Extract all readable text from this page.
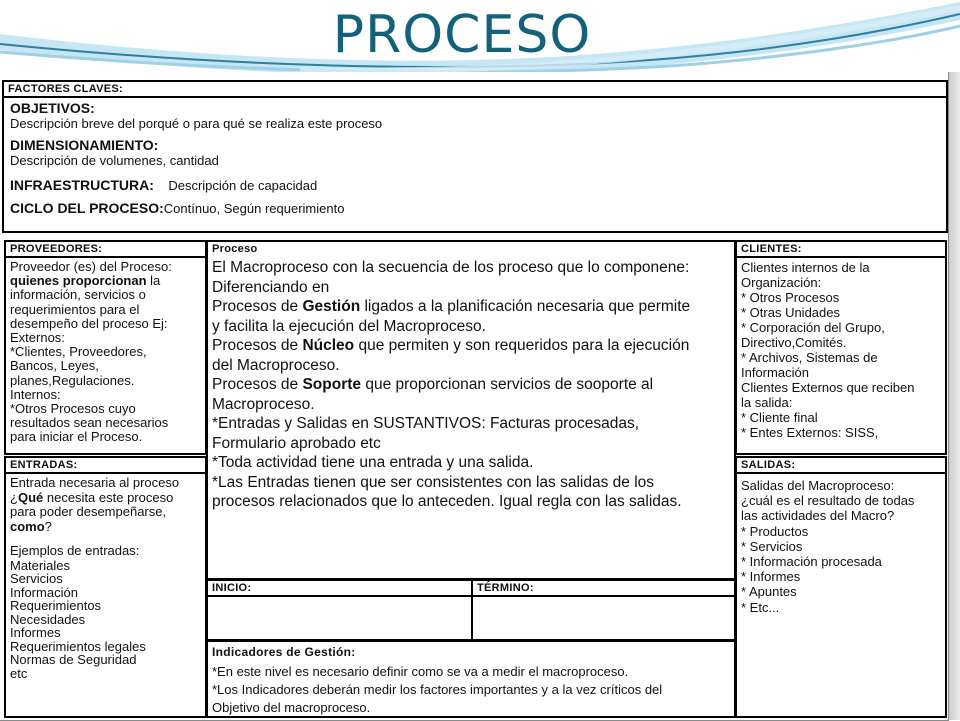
PROCESO
FACTORES CLAVES:
OBJETIVOS:
Descripción breve del porqué o para qué se realiza este proceso
DIMENSIONAMIENTO:
Descripción de volumenes, cantidad
INFRAESTRUCTURA: Descripción de capacidad
CICLO DEL PROCESO:Contínuo, Según requerimiento
PROVEEDORES:
Proveedor (es) del Proceso:
quienes proporcionan la
información, servicios o
requerimientos para el
desempeño del proceso Ej:
Externos:
*Clientes, Proveedores,
Bancos, Leyes,
planes,Regulaciones.
Internos:
*Otros Procesos cuyo
resultados sean necesarios
para iniciar el Proceso.
ENTRADAS:
Entrada necesaria al proceso
¿Qué necesita este proceso
para poder desempeñarse,
como?
Ejemplos de entradas:
Materiales
Servicios
Información
Requerimientos
Necesidades
Informes
Requerimientos legales
Normas de Seguridad
etc
Proceso
El Macroproceso con la secuencia de los proceso que lo componene:
Diferenciando en
Procesos de Gestión ligados a la planificación necesaria que permite
y facilita la ejecución del Macroproceso.
Procesos de Núcleo que permiten y son requeridos para la ejecución
del Macroproceso.
Procesos de Soporte que proporcionan servicios de sooporte al
Macroproceso.
*Entradas y Salidas en SUSTANTIVOS: Facturas procesadas,
Formulario aprobado etc
*Toda actividad tiene una entrada y una salida.
*Las Entradas tienen que ser consistentes con las salidas de los
procesos relacionados que lo anteceden. Igual regla con las salidas.
INICIO:	TÉRMINO:
Indicadores de Gestión:
*En este nivel es necesario definir como se va a medir el macroproceso.
*Los Indicadores deberán medir los factores importantes y a la vez críticos del
Objetivo del macroproceso.
CLIENTES:
Clientes internos de la
Organización:
* Otros Procesos
* Otras Unidades
* Corporación del Grupo,
Directivo,Comités.
* Archivos, Sistemas de
Información
Clientes Externos que reciben
la salida:
* Cliente final
* Entes Externos: SISS,
SALIDAS:
Salidas del Macroproceso:
¿cuál es el resultado de todas
las actividades del Macro?
* Productos
* Servicios
* Información procesada
* Informes
* Apuntes
* Etc...
